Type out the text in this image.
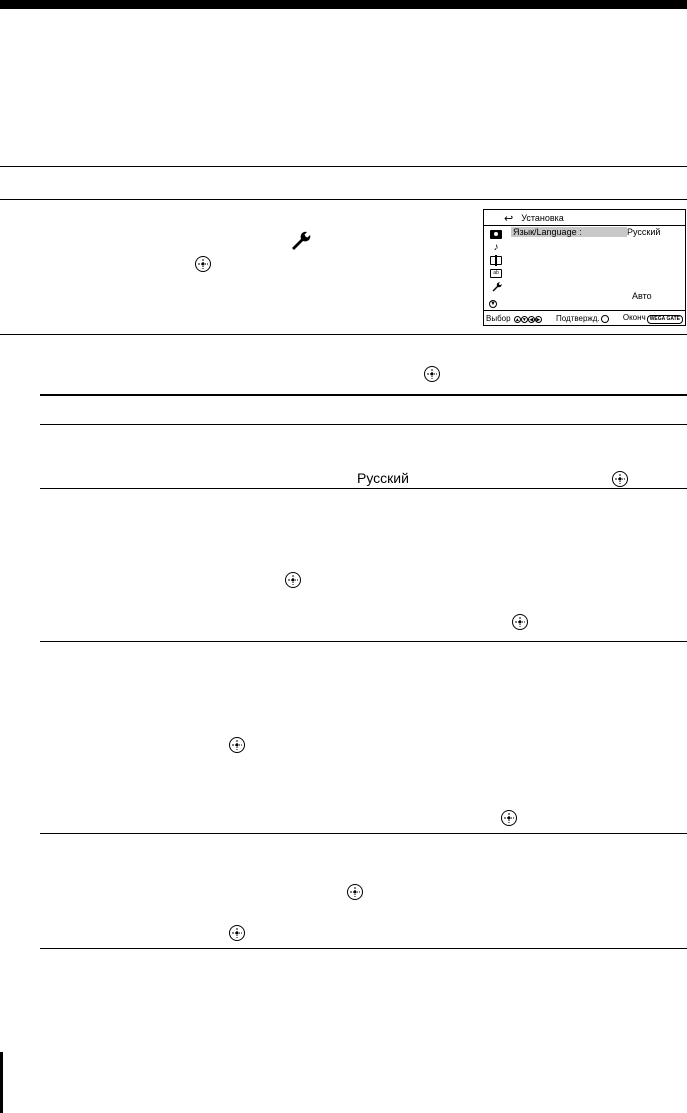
Русский
↩ Установка
♪
ab
Язык/Language :	Русский
Авто
▼
Выбор ▲ ▼ ◀ ▶ Подтвержд.	Оконч WEGA GATE
